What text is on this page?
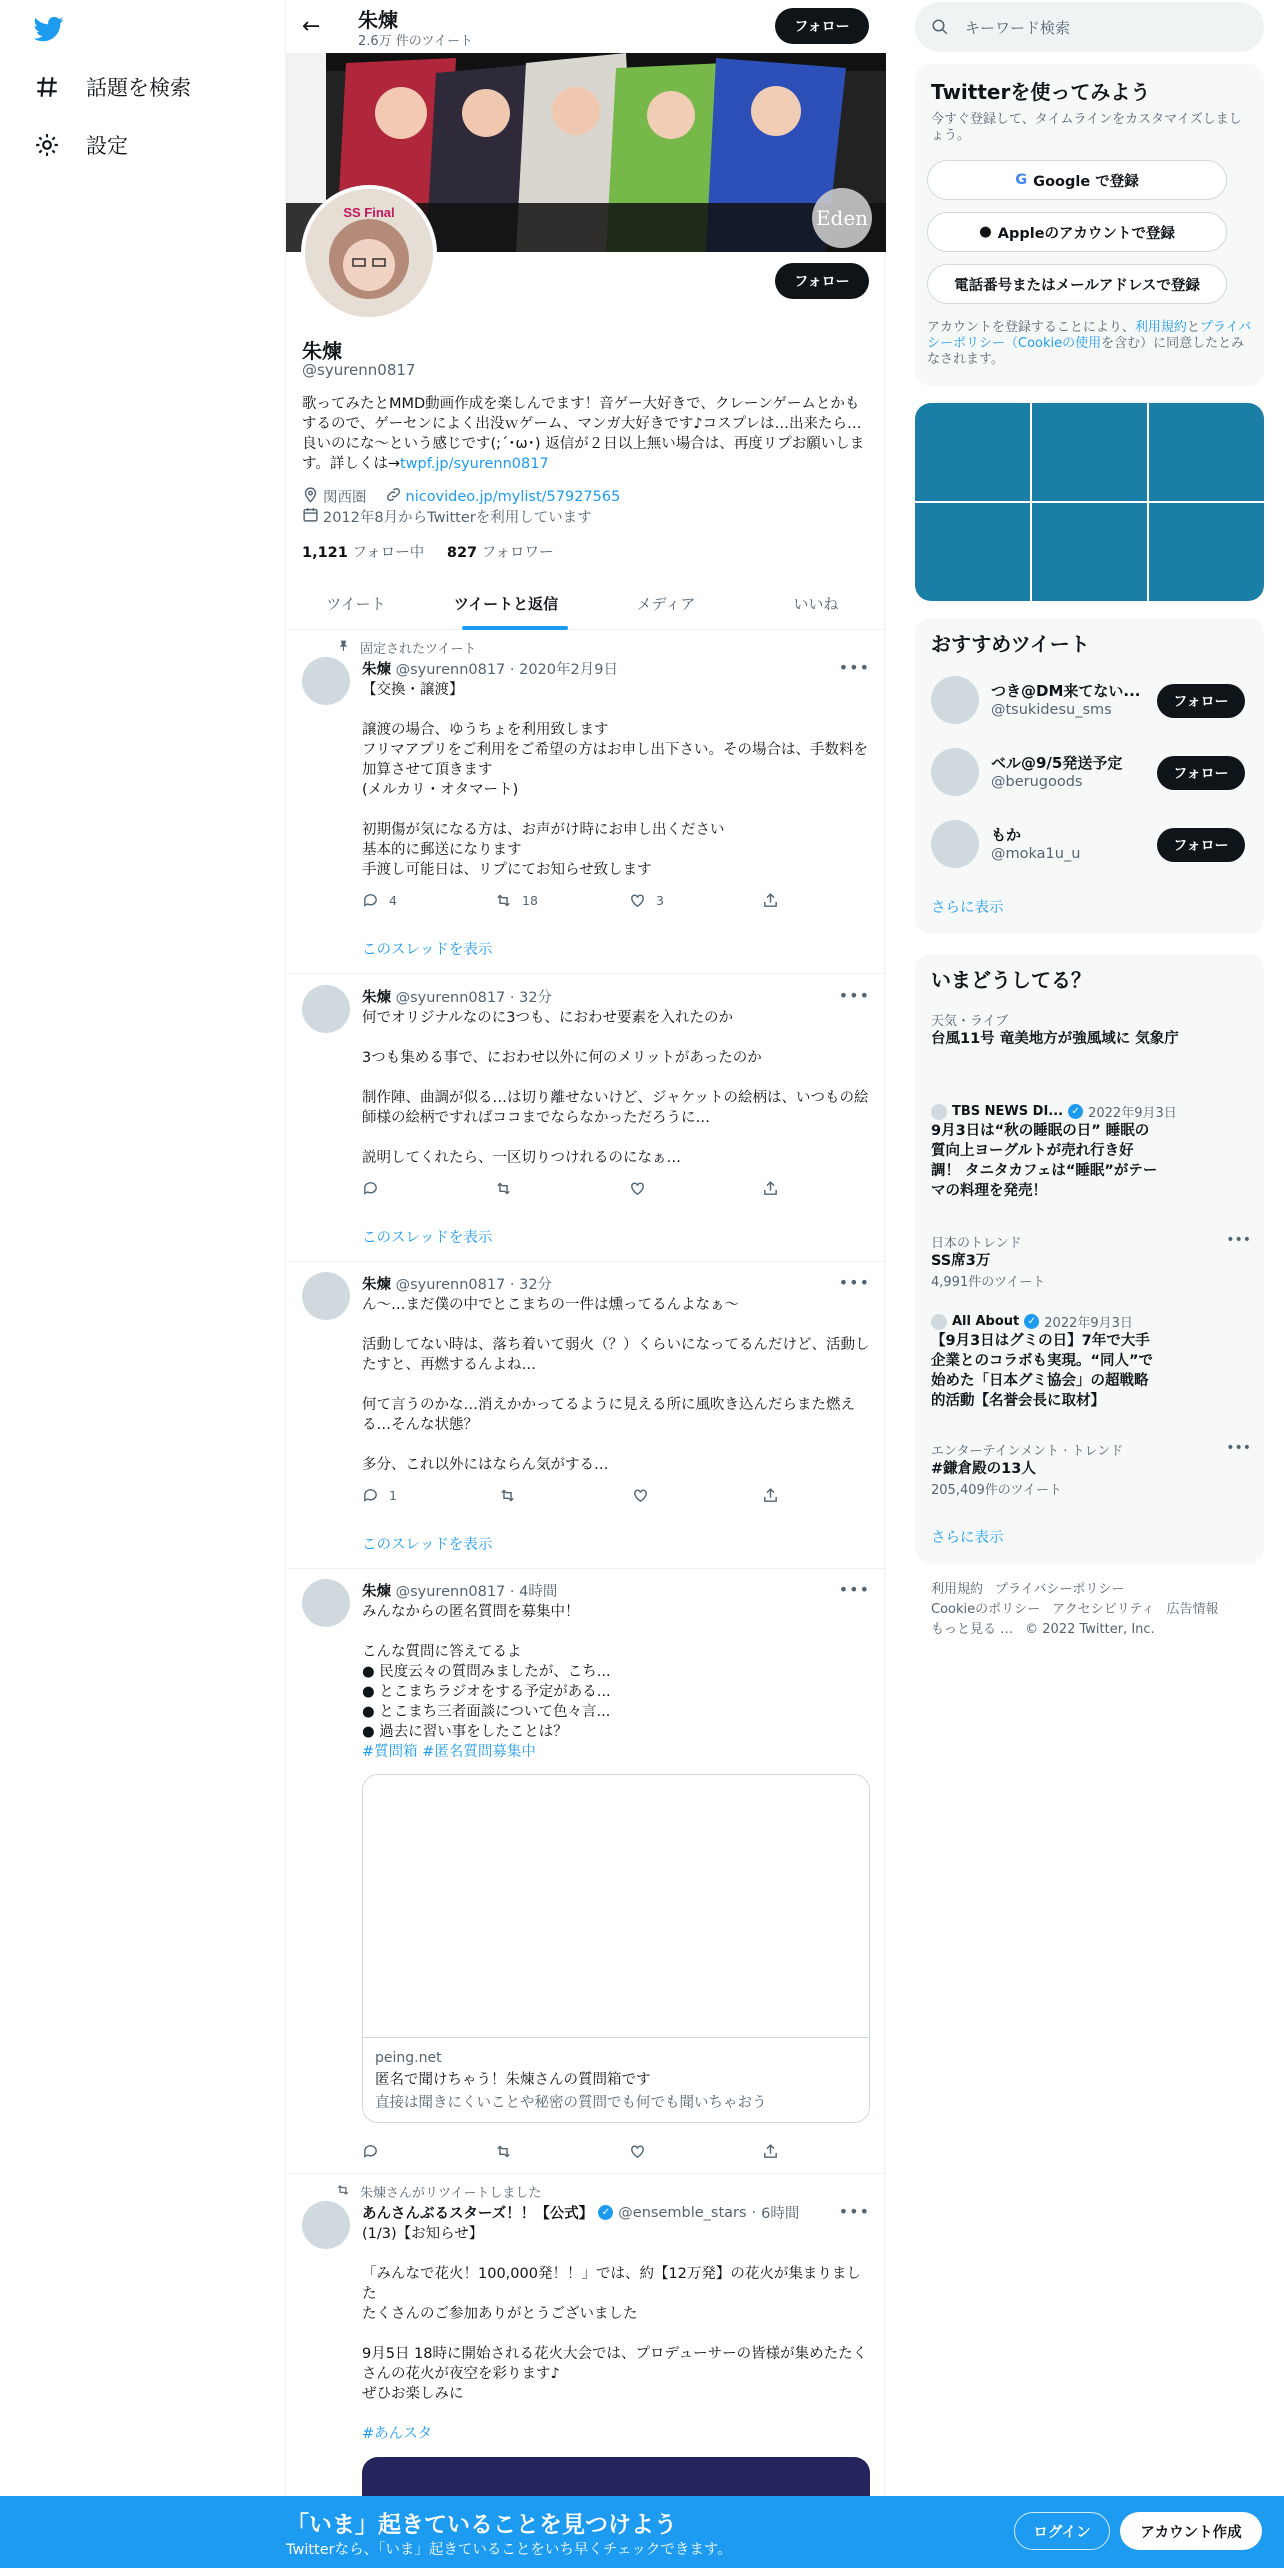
話題を検索
設定
← 朱煉
2.6万 件のツイート
フォロー
Eden
SS Final
フォロー
朱煉
@syurenn0817
歌ってみたとMMD動画作成を楽しんでます！音ゲー大好きで、クレーンゲームとかもするので、ゲーセンによく出没ｗゲーム、マンガ大好きです♪コスプレは…出来たら…良いのにな～という感じです(;´･ω･) 返信が２日以上無い場合は、再度リプお願いします。詳しくは→twpf.jp/syurenn0817
関西圏	nicovideo.jp/mylist/57927565
2012年8月からTwitterを利用しています
1,121 フォロー中 827 フォロワー
ツイート	ツイートと返信	メディア	いいね
固定されたツイート
朱煉 @syurenn0817 · 2020年2月9日	•••
【交換・譲渡】

譲渡の場合、ゆうちょを利用致します
フリマアプリをご利用をご希望の方はお申し出下さい。その場合は、手数料を加算させて頂きます
(メルカリ・オタマート)

初期傷が気になる方は、お声がけ時にお申し出ください
基本的に郵送になります
手渡し可能日は、リプにてお知らせ致します
4	18	3
このスレッドを表示
朱煉 @syurenn0817 · 32分	•••
何でオリジナルなのに3つも、におわせ要素を入れたのか

3つも集める事で、におわせ以外に何のメリットがあったのか

制作陣、曲調が似る…は切り離せないけど、ジャケットの絵柄は、いつもの絵師様の絵柄ですればココまでならなかっただろうに…

説明してくれたら、一区切りつけれるのになぁ…
このスレッドを表示
朱煉 @syurenn0817 · 32分	•••
ん〜…まだ僕の中でとこまちの一件は燻ってるんよなぁ〜

活動してない時は、落ち着いて弱火（？）くらいになってるんだけど、活動したすと、再燃するんよね…

何て言うのかな…消えかかってるように見える所に風吹き込んだらまた燃える…そんな状態？

多分、これ以外にはならん気がする…
1
このスレッドを表示
朱煉 @syurenn0817 · 4時間	•••
みんなからの匿名質問を募集中！

こんな質問に答えてるよ
● 民度云々の質問みましたが、こち...
● とこまちラジオをする予定がある...
● とこまち三者面談について色々言...
● 過去に習い事をしたことは？
#質問箱 #匿名質問募集中
peing.net
匿名で聞けちゃう！朱煉さんの質問箱です
直接は聞きにくいことや秘密の質問でも何でも聞いちゃおう
朱煉さんがリツイートしました
あんさんぶるスターズ！！【公式】 ✓ @ensemble_stars · 6時間 •••
(1/3)【お知らせ】

「みんなで花火！100,000発！！」では、約【12万発】の花火が集まりました
たくさんのご参加ありがとうございました

9月5日 18時に開始される花火大会では、プロデューサーの皆様が集めたたくさんの花火が夜空を彩ります♪
ぜひお楽しみに
#あんスタ
キーワード検索
Twitterを使ってみよう
今すぐ登録して、タイムラインをカスタマイズしましょう。
G Google で登録
● Appleのアカウントで登録
電話番号またはメールアドレスで登録
アカウントを登録することにより、利用規約とプライバシーポリシー（Cookieの使用を含む）に同意したとみなされます。
おすすめツイート
つき@DM来てない...
@tsukidesu_sms	フォロー
ベル@9/5発送予定
@berugoods	フォロー
もか
@moka1u_u	フォロー
さらに表示
いまどうしてる？
天気・ライブ
台風11号 竜美地方が強風域に 気象庁
TBS NEWS DI... ✓ 2022年9月3日
9月3日は“秋の睡眠の日” 睡眠の質向上ヨーグルトが売れ行き好調！ タニタカフェは“睡眠”がテーマの料理を発売！
日本のトレンド
SS席3万
4,991件のツイート
•••
All About ✓ 2022年9月3日
【9月3日はグミの日】7年で大手企業とのコラボも実現。“同人”で始めた「日本グミ協会」の超戦略的活動【名誉会長に取材】
エンターテインメント · トレンド
#鎌倉殿の13人
205,409件のツイート
•••
さらに表示
利用規約 プライバシーポリシー
Cookieのポリシー アクセシビリティ 広告情報
もっと見る … © 2022 Twitter, Inc.
「いま」起きていることを見つけよう
Twitterなら、「いま」起きていることをいち早くチェックできます。
ログイン	アカウント作成
